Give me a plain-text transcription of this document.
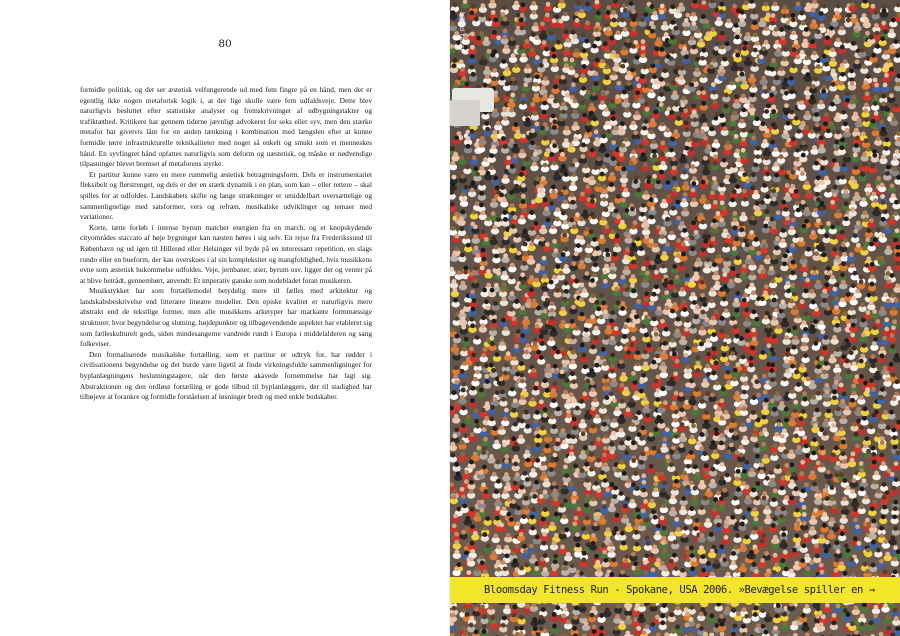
80

formidle politisk, og det ser æstetisk velfungerende ud med fem fingre på en hånd, men der er egentlig ikke nogen metaforisk logik i, at der lige skulle være fem udfaldsveje. Dette blev naturligvis besluttet efter statistiske analyser og fremskrivninger af udbygningstakter og trafiktæthed. Kritikere har gennem tiderne jævnligt advokeret for seks eller syv, men den stærke metafor har givetvis lånt for en anden tænkning i kombination med længslen efter at kunne formidle tørre infrastrukturelle teknikaliteter med noget så enkelt og smukt som et menneskes hånd. En syvfingret hånd opfattes naturligvis som deform og uæstetisk, og måske er nødvendige tilpasninger blevet bremset af metaforens styrke.

Et partitur kunne være en mere rummelig æstetisk betragtningsform. Dels er instrumentariet fleksibelt og flerstrenget, og dels er der en stærk dynamik i en plan, som kan – eller rettere – skal spilles for at udfoldes. Landskabets skifte og lange strækninger er umiddelbart oversættelige og sammenlignelige med satsformer, vers og refræn, musikalske udviklinger og temaer med variationer.

Korte, tætte forløb i intense byrum matcher energien fra en march, og et knopskydende cityområdes staccato af høje bygninger kan næsten høres i sig selv. En rejse fra Frederikssund til København og ud igen til Hillerød eller Helsingør vil byde på en interessant repetition, en slags rondo eller en bueform, der kan overskues i al sin kompleksitet og mangfoldighed, hvis musikkens evne som æstetisk hukommelse udfoldes. Veje, jernbaner, stier, byrum osv. ligger der og venter på at blive betrådt, gennemhørt, anvendt: Et imperativ ganske som nodebladet foran musikeren.

Musikstykket har som fortællemodel betydelig mere til fælles med arkitektur og landskabsbeskrivelse end litterære lineære modeller. Den episke kvalitet er naturligvis mere abstrakt end de tekstlige former, men alle musikkens arketyper har markante formmæssige strukturer, hvor begyndelse og slutning, højdepunkter og tilbagevendende aspekter har etableret sig som fælleskulturelt gods, siden mindesangerne vandrede rundt i Europa i middelalderen og sang folkeviser.

Den formaliserede musikalske fortælling, som et partitur er udtryk for, har rødder i civilisationens begyndelse og det burde være ligetil at finde virkningsfulde sammenligninger for byplanlægningens beslutningstagere, når den første akavede fornemmelse har lagt sig. Abstraktionen og den ordløse fortælling er gode tilbud til byplanlæggere, der til stadighed har tilbøjeve at forankre og formidle forståelsen af løsninger bredt og med enkle budskaber.

billed tekst
Bloomsday Fitness Run - Spokane, USA 2006. »Bevægelse spiller en →
